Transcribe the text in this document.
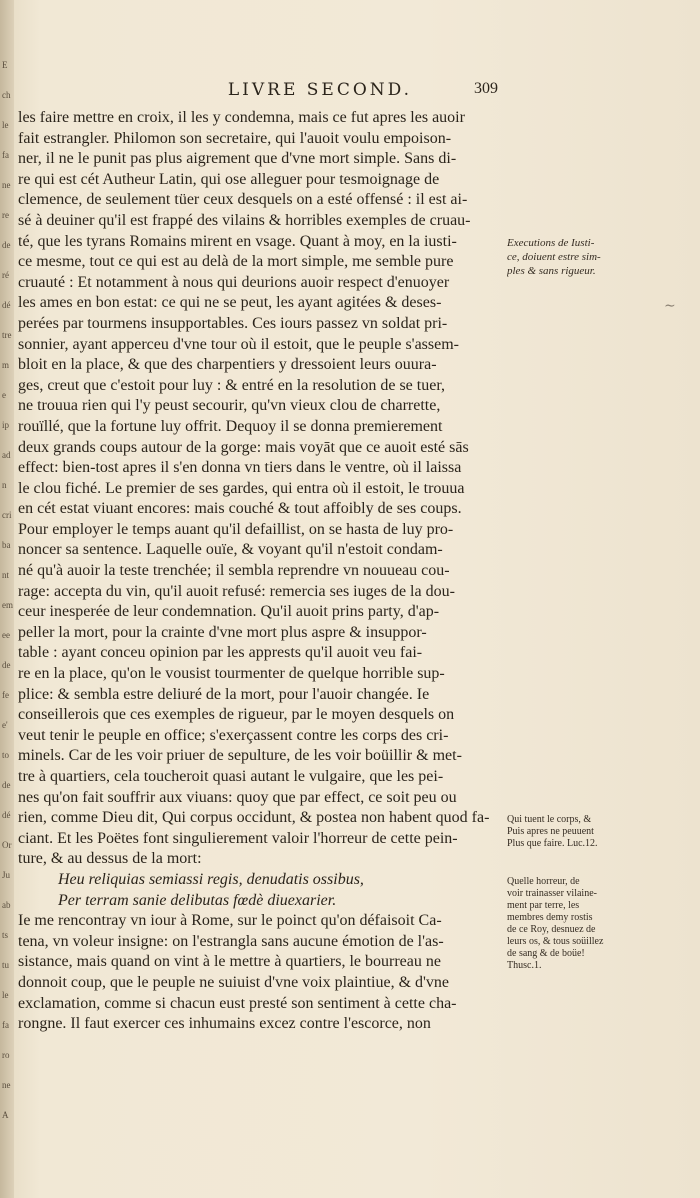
E
ch
le
fa
ne
re
de
ré
dé
tre
m
e
ip
ad
n
cri
ba
nt
em
ee
de
fe
e'
to
de
dé
Or
Ju
ab
ts
tu
le
fa
ro
ne
A
LIVRE SECOND.	309
les faire mettre en croix, il les y condemna, mais ce fut apres les auoir
fait estrangler. Philomon son secretaire, qui l'auoit voulu empoison-
ner, il ne le punit pas plus aigrement que d'vne mort simple. Sans di-
re qui est cét Autheur Latin, qui ose alleguer pour tesmoignage de
clemence, de seulement tüer ceux desquels on a esté offensé : il est ai-
sé à deuiner qu'il est frappé des vilains & horribles exemples de cruau-
té, que les tyrans Romains mirent en vsage. Quant à moy, en la iusti-
ce mesme, tout ce qui est au delà de la mort simple, me semble pure
cruauté : Et notamment à nous qui deurions auoir respect d'enuoyer
les ames en bon estat: ce qui ne se peut, les ayant agitées & deses-
perées par tourmens insupportables. Ces iours passez vn soldat pri-
sonnier, ayant apperceu d'vne tour où il estoit, que le peuple s'assem-
bloit en la place, & que des charpentiers y dressoient leurs ouura-
ges, creut que c'estoit pour luy : & entré en la resolution de se tuer,
ne trouua rien qui l'y peust secourir, qu'vn vieux clou de charrette,
rouïllé, que la fortune luy offrit. Dequoy il se donna premierement
deux grands coups autour de la gorge: mais voyāt que ce auoit esté sās
effect: bien-tost apres il s'en donna vn tiers dans le ventre, où il laissa
le clou fiché. Le premier de ses gardes, qui entra où il estoit, le trouua
en cét estat viuant encores: mais couché & tout affoibly de ses coups.
Pour employer le temps auant qu'il defaillist, on se hasta de luy pro-
noncer sa sentence. Laquelle ouïe, & voyant qu'il n'estoit condam-
né qu'à auoir la teste trenchée; il sembla reprendre vn nouueau cou-
rage: accepta du vin, qu'il auoit refusé: remercia ses iuges de la dou-
ceur inesperée de leur condemnation. Qu'il auoit prins party, d'ap-
peller la mort, pour la crainte d'vne mort plus aspre & insuppor-
table : ayant conceu opinion par les apprests qu'il auoit veu fai-
re en la place, qu'on le vousist tourmenter de quelque horrible sup-
plice: & sembla estre deliuré de la mort, pour l'auoir changée. Ie
conseillerois que ces exemples de rigueur, par le moyen desquels on
veut tenir le peuple en office; s'exerçassent contre les corps des cri-
minels. Car de les voir priuer de sepulture, de les voir boüillir & met-
tre à quartiers, cela toucheroit quasi autant le vulgaire, que les pei-
nes qu'on fait souffrir aux viuans: quoy que par effect, ce soit peu ou
rien, comme Dieu dit, Qui corpus occidunt, & postea non habent quod fa-
ciant. Et les Poëtes font singulierement valoir l'horreur de cette pein-
ture, & au dessus de la mort:
Heu reliquias semiassi regis, denudatis ossibus,
Per terram sanie delibutas fœdè diuexarier.
Ie me rencontray vn iour à Rome, sur le poinct qu'on défaisoit Ca-
tena, vn voleur insigne: on l'estrangla sans aucune émotion de l'as-
sistance, mais quand on vint à le mettre à quartiers, le bourreau ne
donnoit coup, que le peuple ne suiuist d'vne voix plaintiue, & d'vne
exclamation, comme si chacun eust presté son sentiment à cette cha-
rongne. Il faut exercer ces inhumains excez contre l'escorce, non
Executions de Iusti-
ce, doiuent estre sim-
ples & sans rigueur.
Qui tuent le corps, &
Puis apres ne peuuent
Plus que faire. Luc.12.
Quelle horreur, de
voir trainasser vilaine-
ment par terre, les
membres demy rostis
de ce Roy, desnuez de
leurs os, & tous soüillez
de sang & de boüe!
Thusc.1.
∼
